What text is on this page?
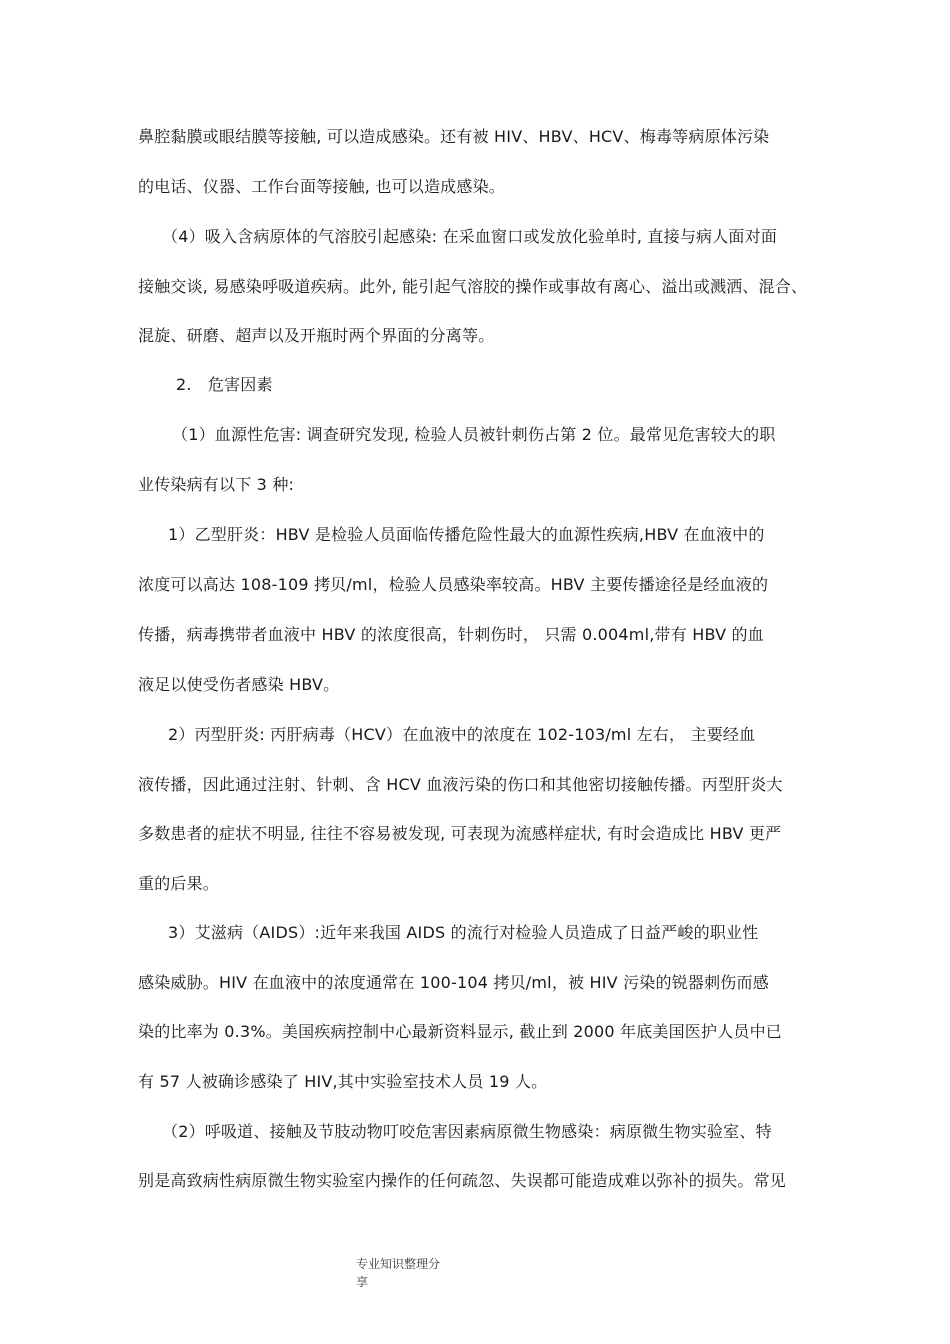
鼻腔黏膜或眼结膜等接触, 可以造成感染。还有被 HIV、HBV、HCV、梅毒等病原体污染
的电话、仪器、工作台面等接触, 也可以造成感染。
（4）吸入含病原体的气溶胶引起感染: 在采血窗口或发放化验单时, 直接与病人面对面
接触交谈, 易感染呼吸道疾病。此外, 能引起气溶胶的操作或事故有离心、溢出或溅洒、混合、
混旋、研磨、超声以及开瓶时两个界面的分离等。
2.　危害因素
（1）血源性危害: 调查研究发现, 检验人员被针刺伤占第 2 位。最常见危害较大的职
业传染病有以下 3 种:
1）乙型肝炎：HBV 是检验人员面临传播危险性最大的血源性疾病,HBV 在血液中的
浓度可以高达 108-109 拷贝/ml，检验人员感染率较高。HBV 主要传播途径是经血液的
传播，病毒携带者血液中 HBV 的浓度很高，针刺伤时， 只需 0.004ml,带有 HBV 的血
液足以使受伤者感染 HBV。
2）丙型肝炎: 丙肝病毒（HCV）在血液中的浓度在 102-103/ml 左右， 主要经血
液传播，因此通过注射、针刺、含 HCV 血液污染的伤口和其他密切接触传播。丙型肝炎大
多数患者的症状不明显, 往往不容易被发现, 可表现为流感样症状, 有时会造成比 HBV 更严
重的后果。
3）艾滋病（AIDS）:近年来我国 AIDS 的流行对检验人员造成了日益严峻的职业性
感染威胁。HIV 在血液中的浓度通常在 100-104 拷贝/ml，被 HIV 污染的锐器刺伤而感
染的比率为 0.3%。美国疾病控制中心最新资料显示, 截止到 2000 年底美国医护人员中已
有 57 人被确诊感染了 HIV,其中实验室技术人员 19 人。
（2）呼吸道、接触及节肢动物叮咬危害因素病原微生物感染：病原微生物实验室、特
别是高致病性病原微生物实验室内操作的任何疏忽、失误都可能造成难以弥补的损失。常见
专业知识整理分
享
